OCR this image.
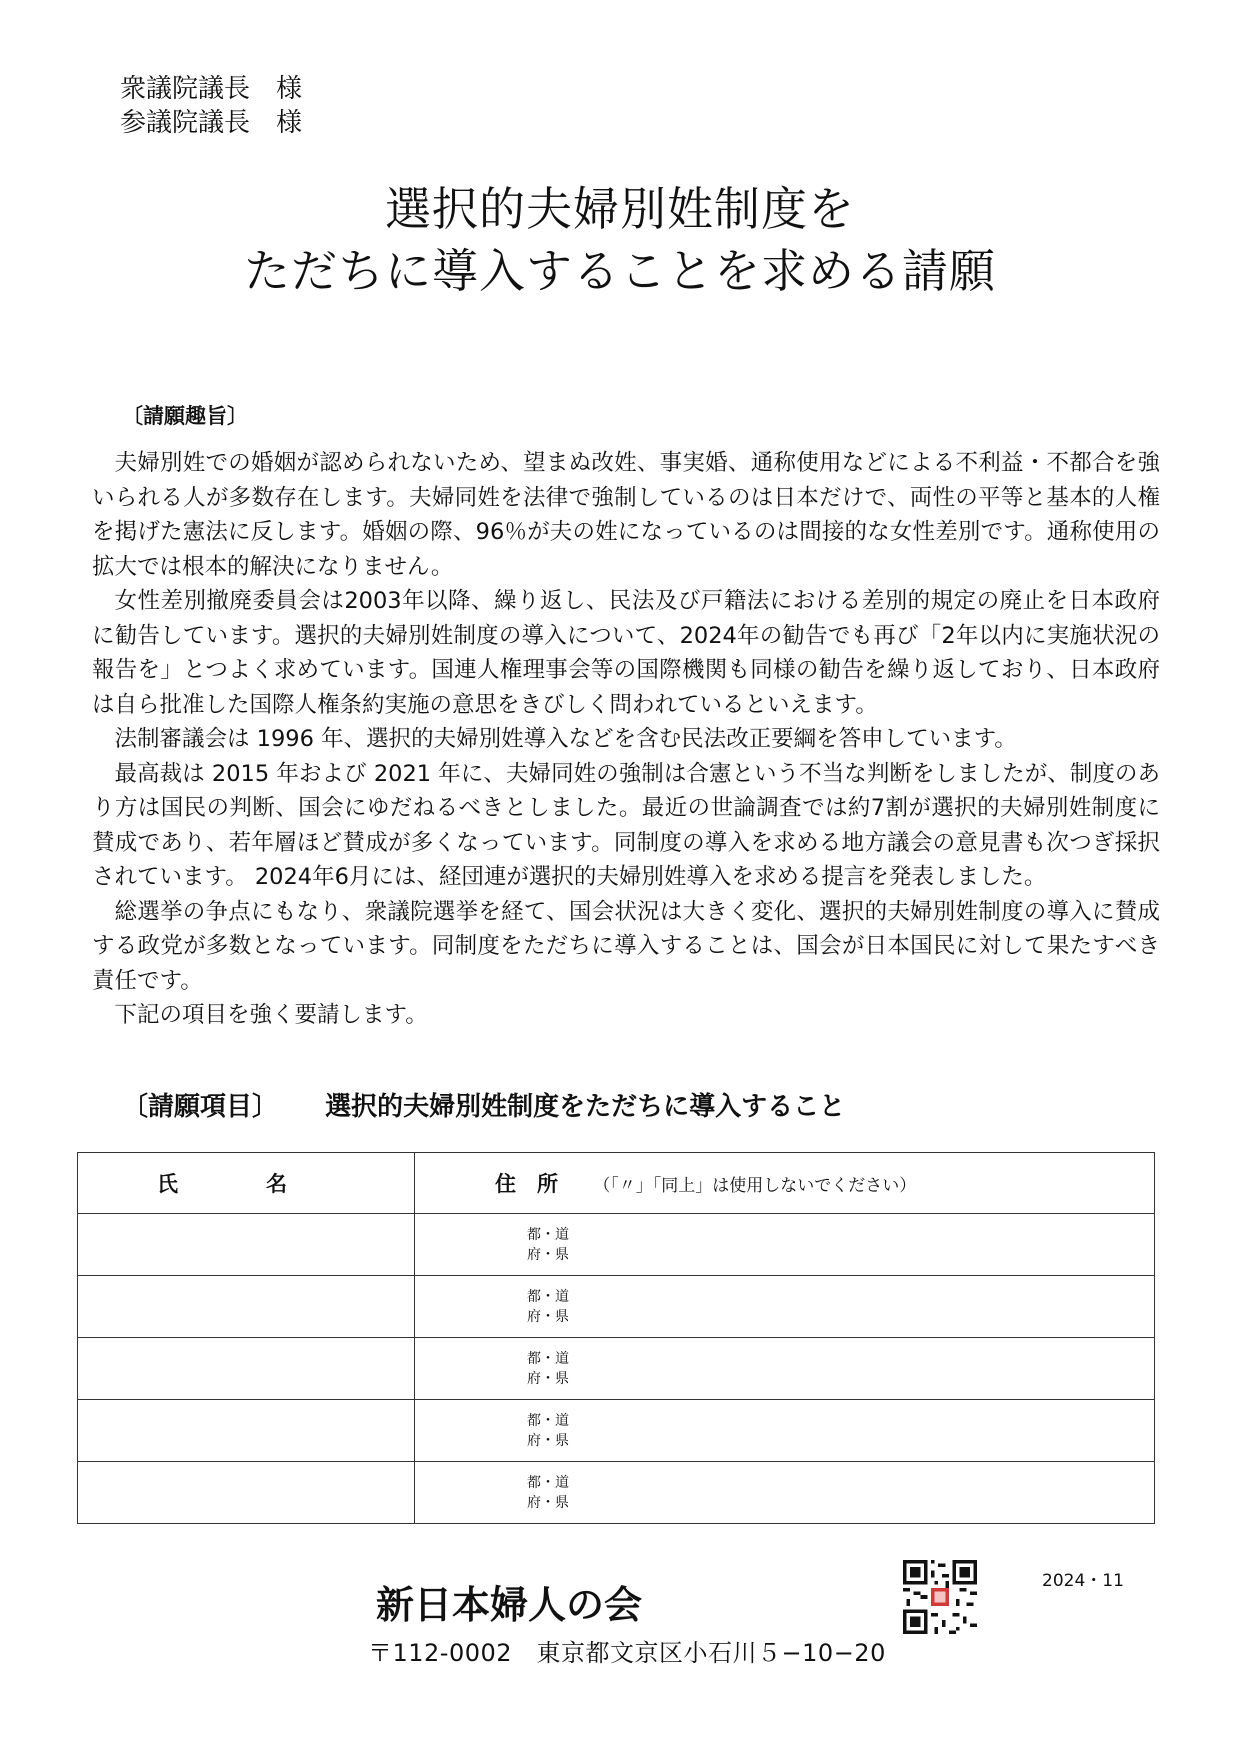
衆議院議長　様
参議院議長　様
選択的夫婦別姓制度を
ただちに導入することを求める請願
〔請願趣旨〕

夫婦別姓での婚姻が認められないため、望まぬ改姓、事実婚、通称使用などによる不利益・不都合を強いられる人が多数存在します。夫婦同姓を法律で強制しているのは日本だけで、両性の平等と基本的人権を掲げた憲法に反します。婚姻の際、96％が夫の姓になっているのは間接的な女性差別です。通称使用の拡大では根本的解決になりません。

女性差別撤廃委員会は2003年以降、繰り返し、民法及び戸籍法における差別的規定の廃止を日本政府に勧告しています。選択的夫婦別姓制度の導入について、2024年の勧告でも再び「2年以内に実施状況の報告を」とつよく求めています。国連人権理事会等の国際機関も同様の勧告を繰り返しており、日本政府は自ら批准した国際人権条約実施の意思をきびしく問われているといえます。

法制審議会は 1996 年、選択的夫婦別姓導入などを含む民法改正要綱を答申しています。

最高裁は 2015 年および 2021 年に、夫婦同姓の強制は合憲という不当な判断をしましたが、制度のあり方は国民の判断、国会にゆだねるべきとしました。最近の世論調査では約7割が選択的夫婦別姓制度に賛成であり、若年層ほど賛成が多くなっています。同制度の導入を求める地方議会の意見書も次つぎ採択されています。 2024年6月には、経団連が選択的夫婦別姓導入を求める提言を発表しました。

総選挙の争点にもなり、衆議院選挙を経て、国会状況は大きく変化、選択的夫婦別姓制度の導入に賛成する政党が多数となっています。同制度をただちに導入することは、国会が日本国民に対して果たすべき責任です。

下記の項目を強く要請します。

〔請願項目〕 選択的夫婦別姓制度をただちに導入すること
氏名	住　所 （「〃」「同上」は使用しないでください）

	都・道
府・県

	都・道
府・県

	都・道
府・県

	都・道
府・県

	都・道
府・県
2024・11
新日本婦人の会
〒112-0002　東京都文京区小石川５−10−20
